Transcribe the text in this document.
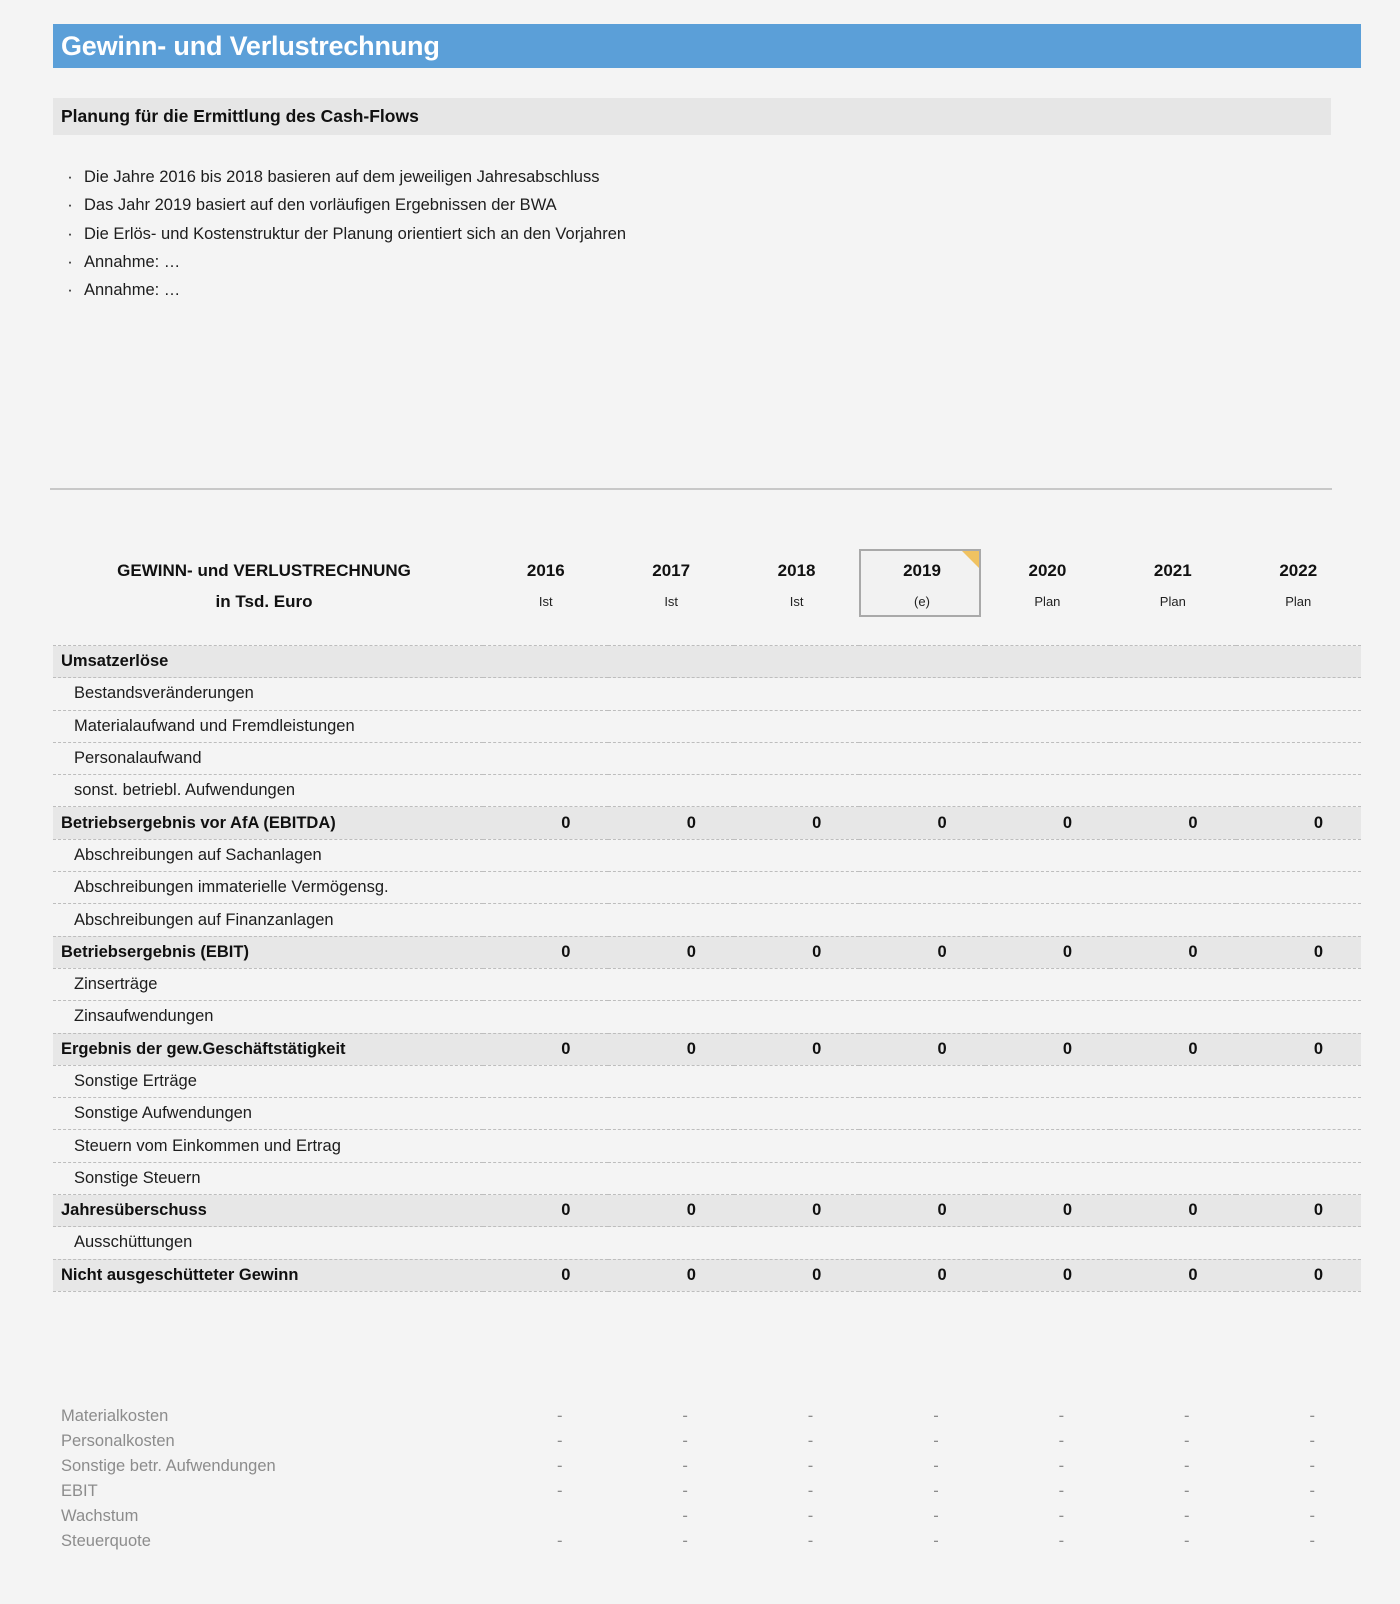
Gewinn- und Verlustrechnung
Planung für die Ermittlung des Cash-Flows
· Die Jahre 2016 bis 2018 basieren auf dem jeweiligen Jahresabschluss
· Das Jahr 2019 basiert auf den vorläufigen Ergebnissen der BWA
· Die Erlös- und Kostenstruktur der Planung orientiert sich an den Vorjahren
· Annahme: …
· Annahme: …
GEWINN- und VERLUSTRECHNUNG	2016	2017	2018	2019	2020	2021	2022
in Tsd. Euro	Ist	Ist	Ist	(e)	Plan	Plan	Plan

Umsatzerlöse							
Bestandsveränderungen							
Materialaufwand und Fremdleistungen							
Personalaufwand							
sonst. betriebl. Aufwendungen							
Betriebsergebnis vor AfA (EBITDA)	0	0	0	0	0	0	0
Abschreibungen auf Sachanlagen							
Abschreibungen immaterielle Vermögensg.							
Abschreibungen auf Finanzanlagen							
Betriebsergebnis (EBIT)	0	0	0	0	0	0	0
Zinserträge							
Zinsaufwendungen							
Ergebnis der gew.Geschäftstätigkeit	0	0	0	0	0	0	0
Sonstige Erträge							
Sonstige Aufwendungen							
Steuern vom Einkommen und Ertrag							
Sonstige Steuern							
Jahresüberschuss	0	0	0	0	0	0	0
Ausschüttungen							
Nicht ausgeschütteter Gewinn	0	0	0	0	0	0	0
Materialkosten	-	-	-	-	-	-	-
Personalkosten	-	-	-	-	-	-	-
Sonstige betr. Aufwendungen	-	-	-	-	-	-	-
EBIT	-	-	-	-	-	-	-
Wachstum		-	-	-	-	-	-
Steuerquote	-	-	-	-	-	-	-
